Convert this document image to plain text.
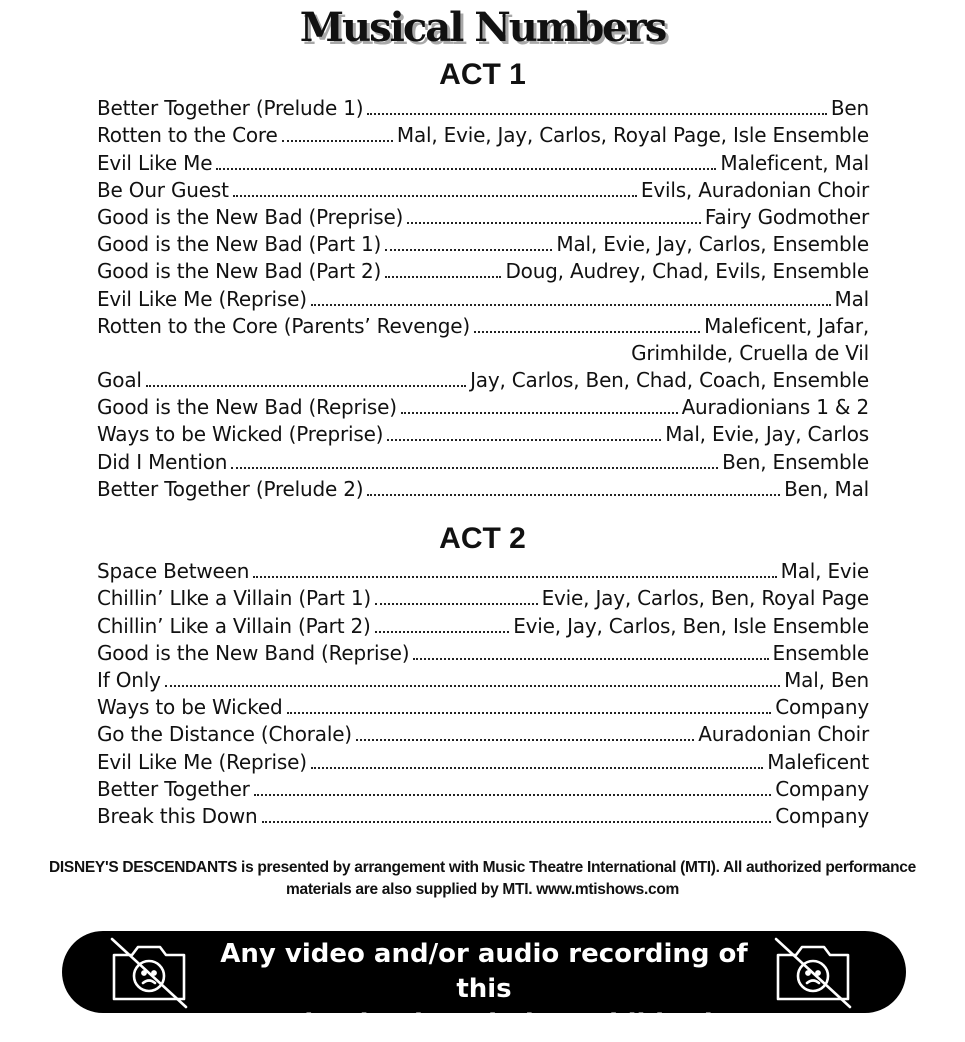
Musical Numbers
ACT 1
Better Together (Prelude 1)	Ben
Rotten to the Core	Mal, Evie, Jay, Carlos, Royal Page, Isle Ensemble
Evil Like Me	Maleficent, Mal
Be Our Guest	Evils, Auradonian Choir
Good is the New Bad (Preprise)	Fairy Godmother
Good is the New Bad (Part 1)	Mal, Evie, Jay, Carlos, Ensemble
Good is the New Bad (Part 2)	Doug, Audrey, Chad, Evils, Ensemble
Evil Like Me (Reprise)	Mal
Rotten to the Core (Parents’ Revenge)	Maleficent, Jafar,
Grimhilde, Cruella de Vil
Goal	Jay, Carlos, Ben, Chad, Coach, Ensemble
Good is the New Bad (Reprise)	Auradionians 1 & 2
Ways to be Wicked (Preprise)	Mal, Evie, Jay, Carlos
Did I Mention	Ben, Ensemble
Better Together (Prelude 2)	Ben, Mal
ACT 2
Space Between	Mal, Evie
Chillin’ LIke a Villain (Part 1)	Evie, Jay, Carlos, Ben, Royal Page
Chillin’ Like a Villain (Part 2)	Evie, Jay, Carlos, Ben, Isle Ensemble
Good is the New Band (Reprise)	Ensemble
If Only	Mal, Ben
Ways to be Wicked	Company
Go the Distance (Chorale)	Auradonian Choir
Evil Like Me (Reprise)	Maleficent
Better Together	Company
Break this Down	Company
DISNEY'S DESCENDANTS is presented by arrangement with Music Theatre International (MTI). All authorized performance
materials are also supplied by MTI. www.mtishows.com
Any video and/or audio recording of this
production is strictly prohibited.
